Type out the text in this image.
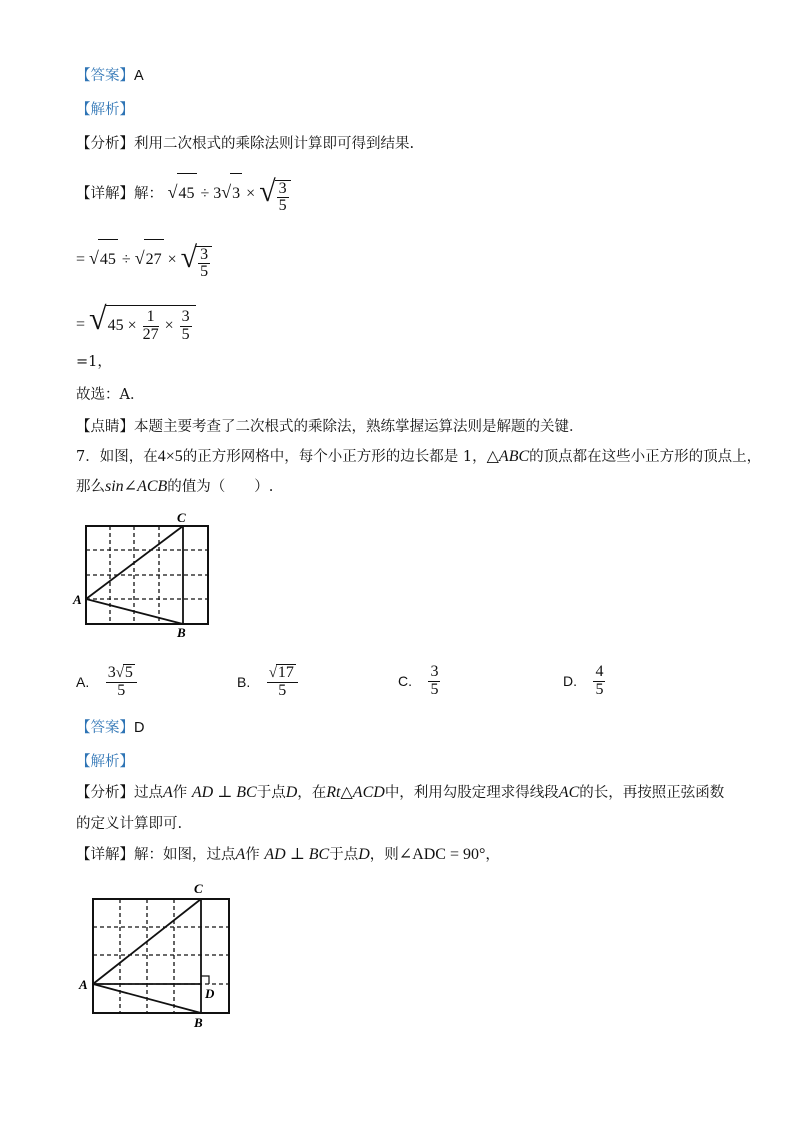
【答案】A
【解析】
【分析】利用二次根式的乘除法则计算即可得到结果.
【详解】解： √45 ÷ 3√3 × √ $\frac{3}{5}$
= √45 ÷ √27 × √ $\frac{3}{5}$
= $√45 \times \frac{1}{27} \times \frac{3}{5}$
=1，
故选：A．
【点睛】本题主要考查了二次根式的乘除法，熟练掌握运算法则是解题的关键．
7．如图，在4×5的正方形网格中，每个小正方形的边长都是 1，△ABC的顶点都在这些小正方形的顶点上，
那么sin∠ACB的值为（　　）.
C
A
B
A. $\frac{3√5}{5}$	B. $\frac{√17}{5}$	C. $\frac{3}{5}$	D. $\frac{4}{5}$
【答案】D
【解析】
【分析】过点A作 AD ⊥ BC于点D，在Rt△ACD中，利用勾股定理求得线段AC的长，再按照正弦函数
的定义计算即可.
【详解】解：如图，过点A作 AD ⊥ BC于点D，则∠ADC = 90°，
C
A
B
D
